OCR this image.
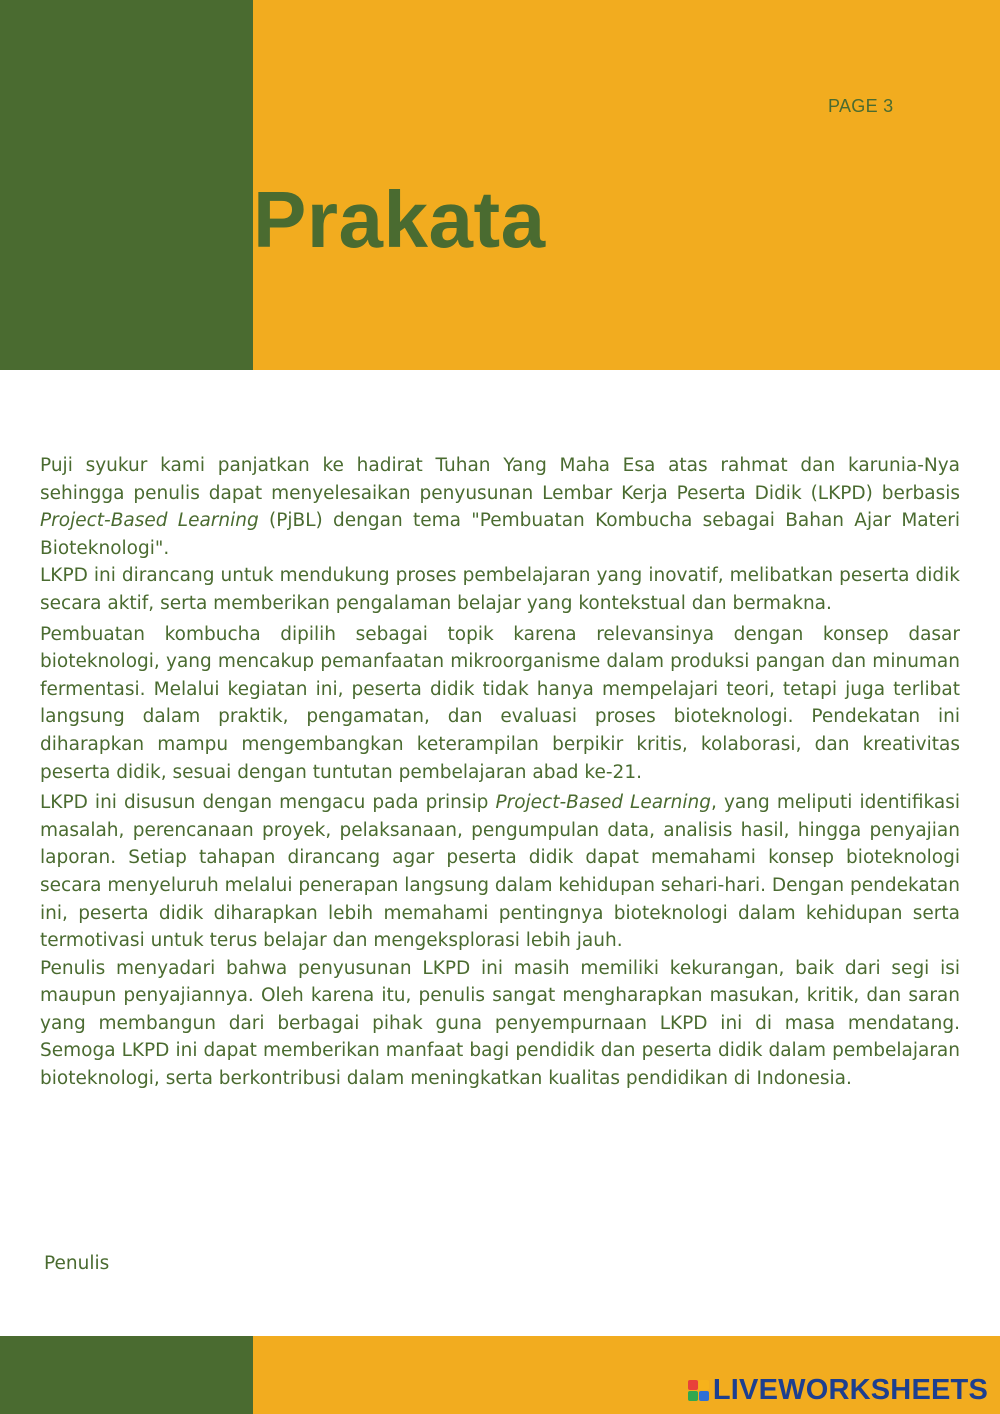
PAGE 3
Prakata

Puji syukur kami panjatkan ke hadirat Tuhan Yang Maha Esa atas rahmat dan karunia-Nya sehingga penulis dapat menyelesaikan penyusunan Lembar Kerja Peserta Didik (LKPD) berbasis Project-Based Learning (PjBL) dengan tema "Pembuatan Kombucha sebagai Bahan Ajar Materi Bioteknologi".

LKPD ini dirancang untuk mendukung proses pembelajaran yang inovatif, melibatkan peserta didik secara aktif, serta memberikan pengalaman belajar yang kontekstual dan bermakna.

Pembuatan kombucha dipilih sebagai topik karena relevansinya dengan konsep dasar bioteknologi, yang mencakup pemanfaatan mikroorganisme dalam produksi pangan dan minuman fermentasi. Melalui kegiatan ini, peserta didik tidak hanya mempelajari teori, tetapi juga terlibat langsung dalam praktik, pengamatan, dan evaluasi proses bioteknologi. Pendekatan ini diharapkan mampu mengembangkan keterampilan berpikir kritis, kolaborasi, dan kreativitas peserta didik, sesuai dengan tuntutan pembelajaran abad ke-21.

LKPD ini disusun dengan mengacu pada prinsip Project-Based Learning, yang meliputi identifikasi masalah, perencanaan proyek, pelaksanaan, pengumpulan data, analisis hasil, hingga penyajian laporan. Setiap tahapan dirancang agar peserta didik dapat memahami konsep bioteknologi secara menyeluruh melalui penerapan langsung dalam kehidupan sehari-hari. Dengan pendekatan ini, peserta didik diharapkan lebih memahami pentingnya bioteknologi dalam kehidupan serta termotivasi untuk terus belajar dan mengeksplorasi lebih jauh.

Penulis menyadari bahwa penyusunan LKPD ini masih memiliki kekurangan, baik dari segi isi maupun penyajiannya. Oleh karena itu, penulis sangat mengharapkan masukan, kritik, dan saran yang membangun dari berbagai pihak guna penyempurnaan LKPD ini di masa mendatang. Semoga LKPD ini dapat memberikan manfaat bagi pendidik dan peserta didik dalam pembelajaran bioteknologi, serta berkontribusi dalam meningkatkan kualitas pendidikan di Indonesia.

Penulis
LIVEWORKSHEETS
